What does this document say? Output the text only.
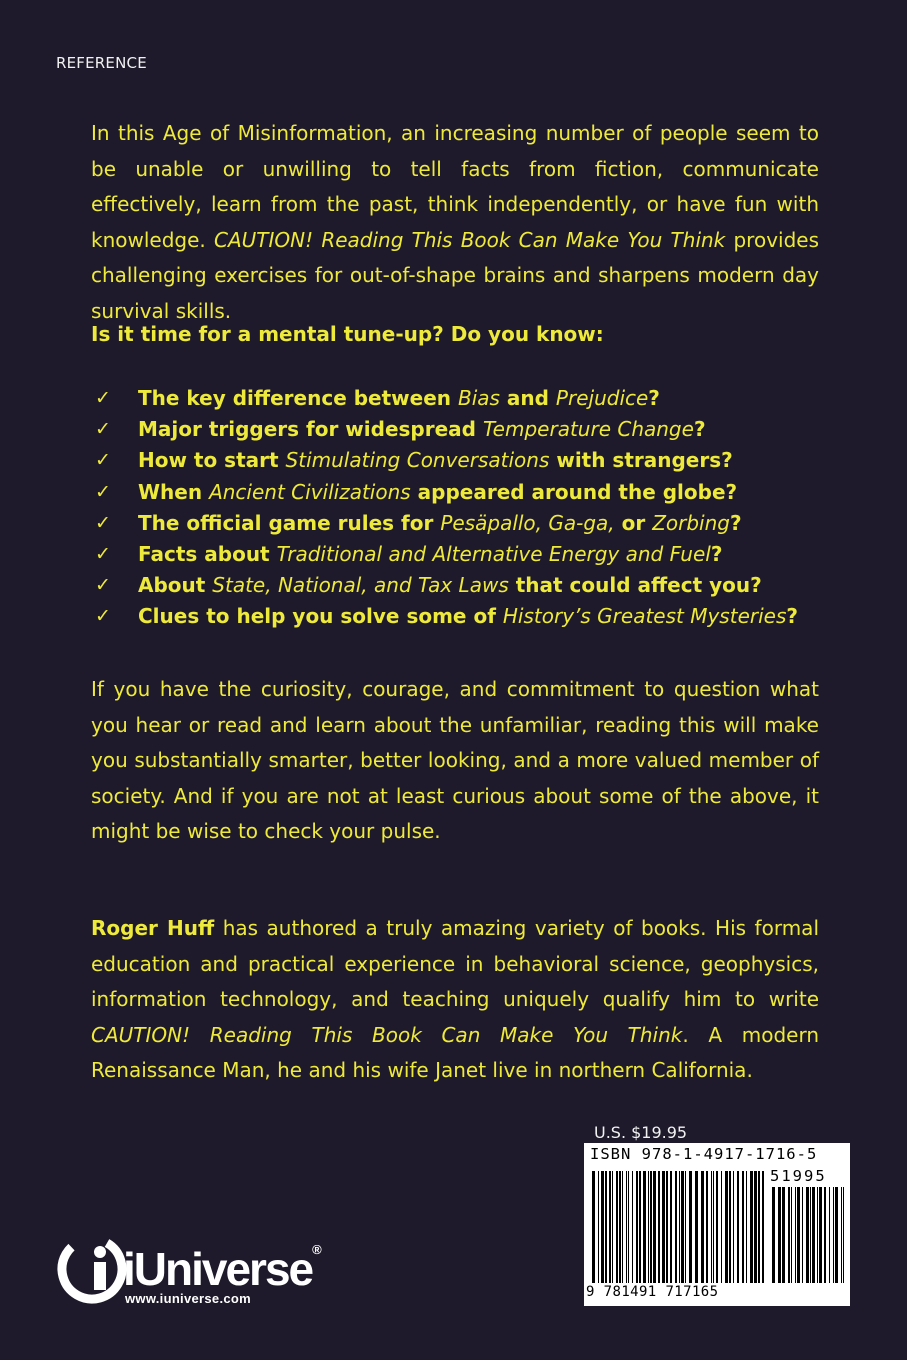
REFERENCE

In this Age of Misinformation, an increasing number of people seem to be unable or unwilling to tell facts from fiction, communicate effectively, learn from the past, think independently, or have fun with knowledge. CAUTION! Reading This Book Can Make You Think provides challenging exercises for out-of-shape brains and sharpens modern day survival skills.

Is it time for a mental tune-up? Do you know:

✓ The key difference between Bias and Prejudice?
✓ Major triggers for widespread Temperature Change?
✓ How to start Stimulating Conversations with strangers?
✓ When Ancient Civilizations appeared around the globe?
✓ The official game rules for Pesäpallo, Ga-ga, or Zorbing?
✓ Facts about Traditional and Alternative Energy and Fuel?
✓ About State, National, and Tax Laws that could affect you?
✓ Clues to help you solve some of History’s Greatest Mysteries?

If you have the curiosity, courage, and commitment to question what you hear or read and learn about the unfamiliar, reading this will make you substantially smarter, better looking, and a more valued member of society. And if you are not at least curious about some of the above, it might be wise to check your pulse.

Roger Huff has authored a truly amazing variety of books. His formal education and practical experience in behavioral science, geophysics, information technology, and teaching uniquely qualify him to write CAUTION! Reading This Book Can Make You Think. A modern Renaissance Man, he and his wife Janet live in northern California.

U.S. $19.95
ISBN 978-1-4917-1716-5
51995
9 781491 717165
iUniverse®
www.iuniverse.com
